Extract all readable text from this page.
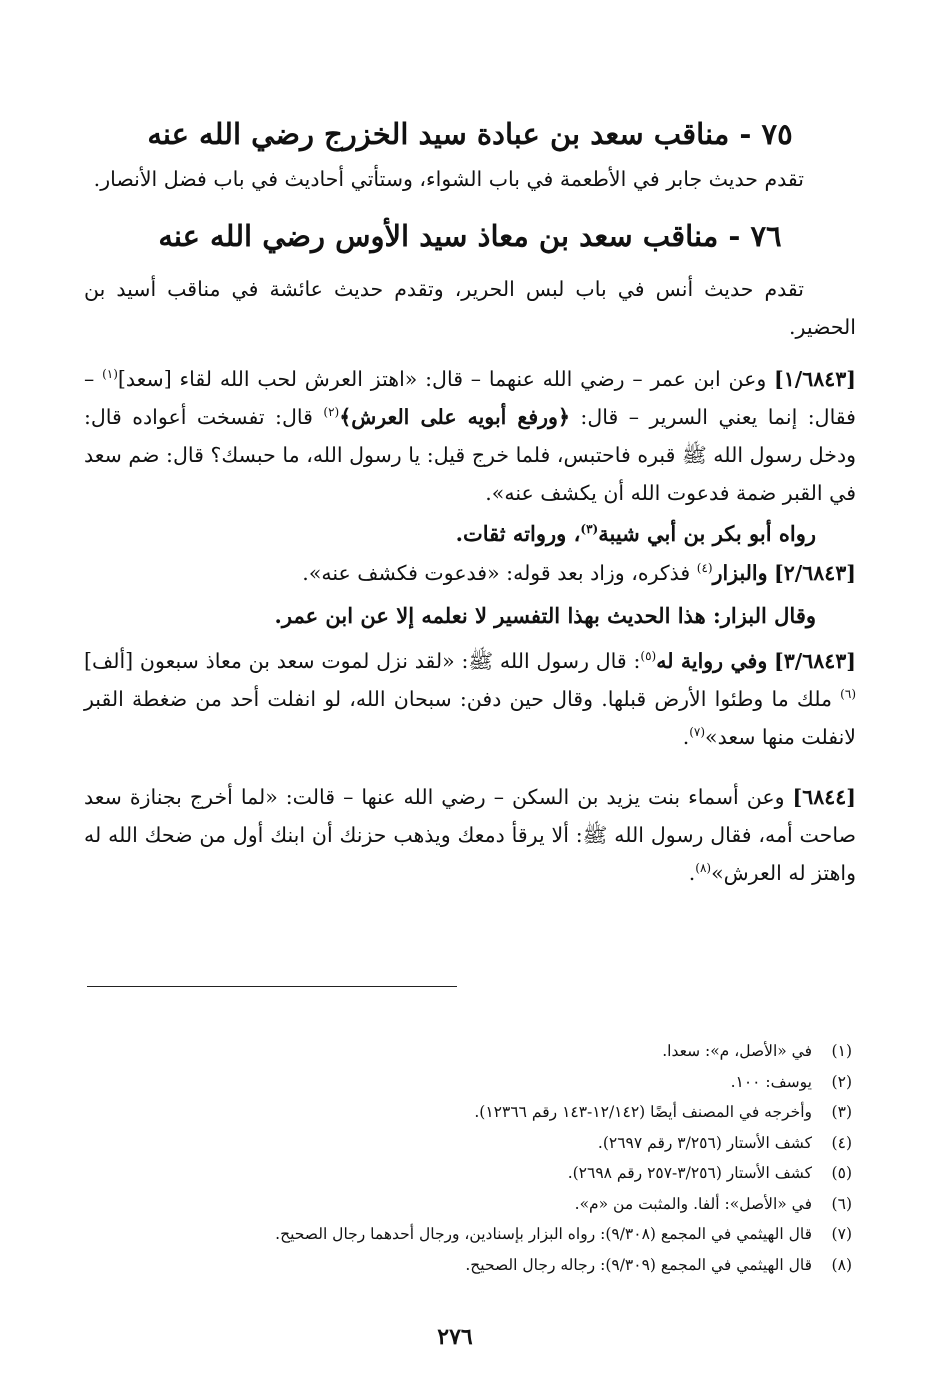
٧٥ - مناقب سعد بن عبادة سيد الخزرج رضي الله عنه

تقدم حديث جابر في الأطعمة في باب الشواء، وستأتي أحاديث في باب فضل الأنصار.

٧٦ - مناقب سعد بن معاذ سيد الأوس رضي الله عنه

تقدم حديث أنس في باب لبس الحرير، وتقدم حديث عائشة في مناقب أسيد بن الحضير.

[١/٦٨٤٣] وعن ابن عمر – رضي الله عنهما – قال: «اهتز العرش لحب الله لقاء [سعد]$^{(١)}$ – فقال: إنما يعني السرير – قال: ﴿ورفع أبويه على العرش﴾$^{(٢)}$ قال: تفسخت أعواده قال: ودخل رسول الله ﷺ قبره فاحتبس، فلما خرج قيل: يا رسول الله، ما حبسك؟ قال: ضم سعد في القبر ضمة فدعوت الله أن يكشف عنه».

رواه أبو بكر بن أبي شيبة$^{(٣)}$، ورواته ثقات.

[٢/٦٨٤٣] والبزار$^{(٤)}$ فذكره، وزاد بعد قوله: «فدعوت فكشف عنه».

وقال البزار: هذا الحديث بهذا التفسير لا نعلمه إلا عن ابن عمر.

[٣/٦٨٤٣] وفي رواية له$^{(٥)}$: قال رسول الله ﷺ: «لقد نزل لموت سعد بن معاذ سبعون [ألف]$^{(٦)}$ ملك ما وطئوا الأرض قبلها. وقال حين دفن: سبحان الله، لو انفلت أحد من ضغطة القبر لانفلت منها سعد»$^{(٧)}$.

[٦٨٤٤] وعن أسماء بنت يزيد بن السكن – رضي الله عنها – قالت: «لما أخرج بجنازة سعد صاحت أمه، فقال رسول الله ﷺ: ألا يرقأ دمعك ويذهب حزنك أن ابنك أول من ضحك الله له واهتز له العرش»$^{(٨)}$.

(١)في «الأصل، م»: سعدا.
(٢)يوسف: ١٠٠.
(٣)وأخرجه في المصنف أيضًا (١٢/١٤٢-١٤٣ رقم ١٢٣٦٦).
(٤)كشف الأستار (٣/٢٥٦ رقم ٢٦٩٧).
(٥)كشف الأستار (٣/٢٥٦-٢٥٧ رقم ٢٦٩٨).
(٦)في «الأصل»: ألفا. والمثبت من «م».
(٧)قال الهيثمي في المجمع (٩/٣٠٨): رواه البزار بإسنادين، ورجال أحدهما رجال الصحيح.
(٨)قال الهيثمي في المجمع (٩/٣٠٩): رجاله رجال الصحيح.
٢٧٦
